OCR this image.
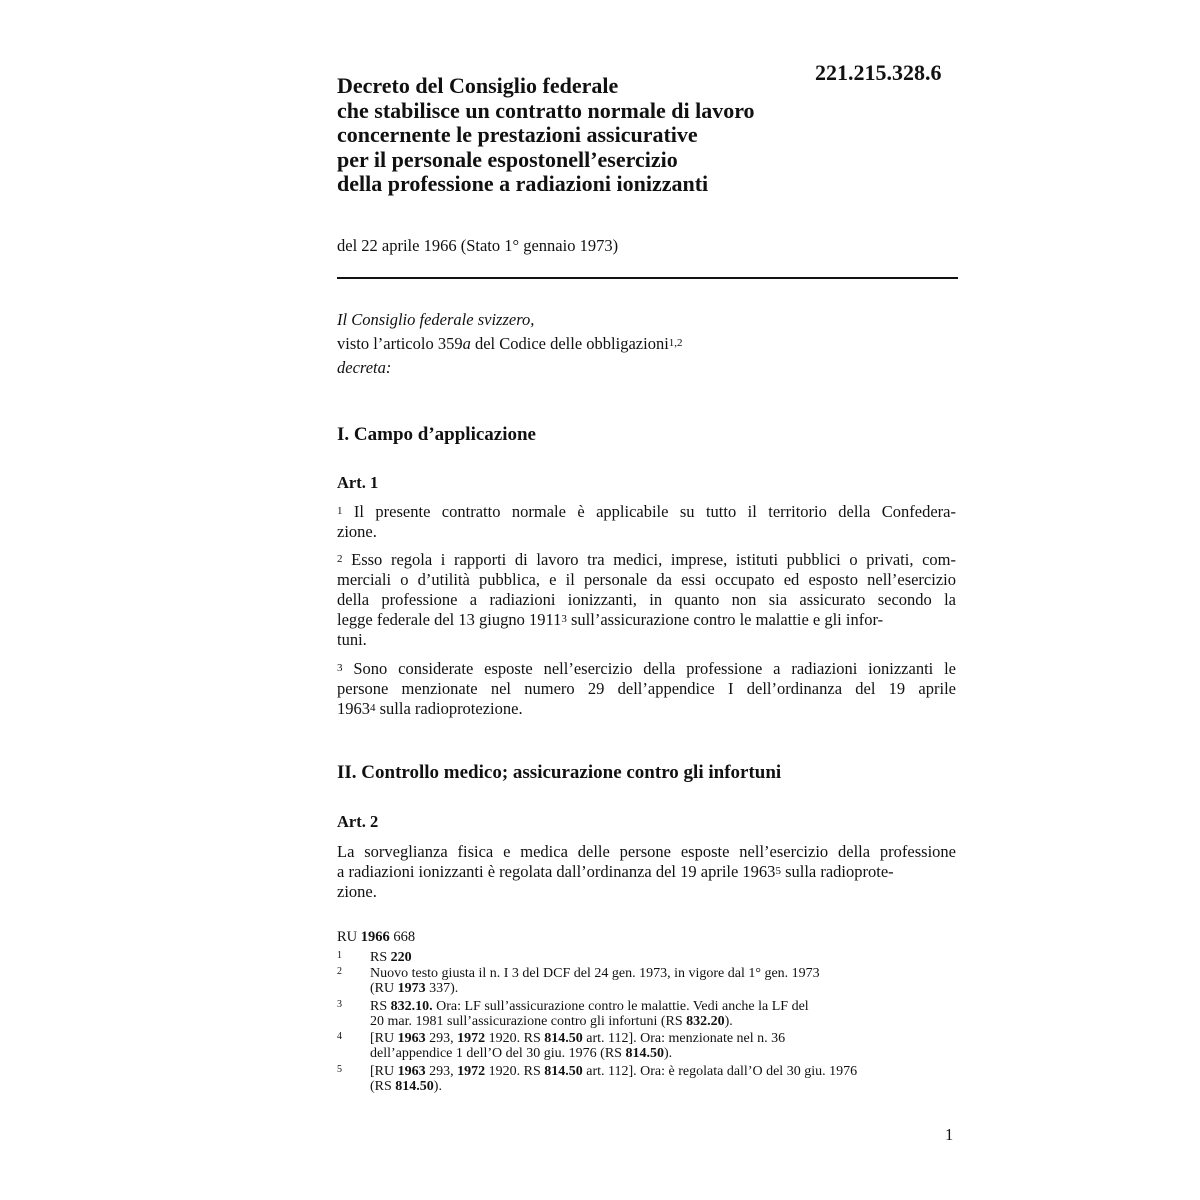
221.215.328.6
Decreto del Consiglio federale
che stabilisce un contratto normale di lavoro
concernente le prestazioni assicurative
per il personale espostonell’esercizio
della professione a radiazioni ionizzanti
del 22 aprile 1966 (Stato 1° gennaio 1973)
Il Consiglio federale svizzero,
visto l’articolo 359a del Codice delle obbligazioni$^{1,2}$
decreta:
I. Campo d’applicazione
Art. 1
$^1$ Il presente contratto normale è applicabile su tutto il territorio della Confedera-
zione.
$^2$ Esso regola i rapporti di lavoro tra medici, imprese, istituti pubblici o privati, com-
merciali o d’utilità pubblica, e il personale da essi occupato ed esposto nell’esercizio
della professione a radiazioni ionizzanti, in quanto non sia assicurato secondo la
legge federale del 13 giugno 1911$^3$ sull’assicurazione contro le malattie e gli infor-
tuni.
$^3$ Sono considerate esposte nell’esercizio della professione a radiazioni ionizzanti le
persone menzionate nel numero 29 dell’appendice I dell’ordinanza del 19 aprile
1963$^4$ sulla radioprotezione.
II. Controllo medico; assicurazione contro gli infortuni
Art. 2
La sorveglianza fisica e medica delle persone esposte nell’esercizio della professione
a radiazioni ionizzanti è regolata dall’ordinanza del 19 aprile 1963$^5$ sulla radioprote-
zione.
RU 1966 668
1 RS 220
2 Nuovo testo giusta il n. I 3 del DCF del 24 gen. 1973, in vigore dal 1° gen. 1973
(RU 1973 337).
3 RS 832.10. Ora: LF sull’assicurazione contro le malattie. Vedi anche la LF del
20 mar. 1981 sull’assicurazione contro gli infortuni (RS 832.20).
4 [RU 1963 293, 1972 1920. RS 814.50 art. 112]. Ora: menzionate nel n. 36
dell’appendice 1 dell’O del 30 giu. 1976 (RS 814.50).
5 [RU 1963 293, 1972 1920. RS 814.50 art. 112]. Ora: è regolata dall’O del 30 giu. 1976
(RS 814.50).
1
